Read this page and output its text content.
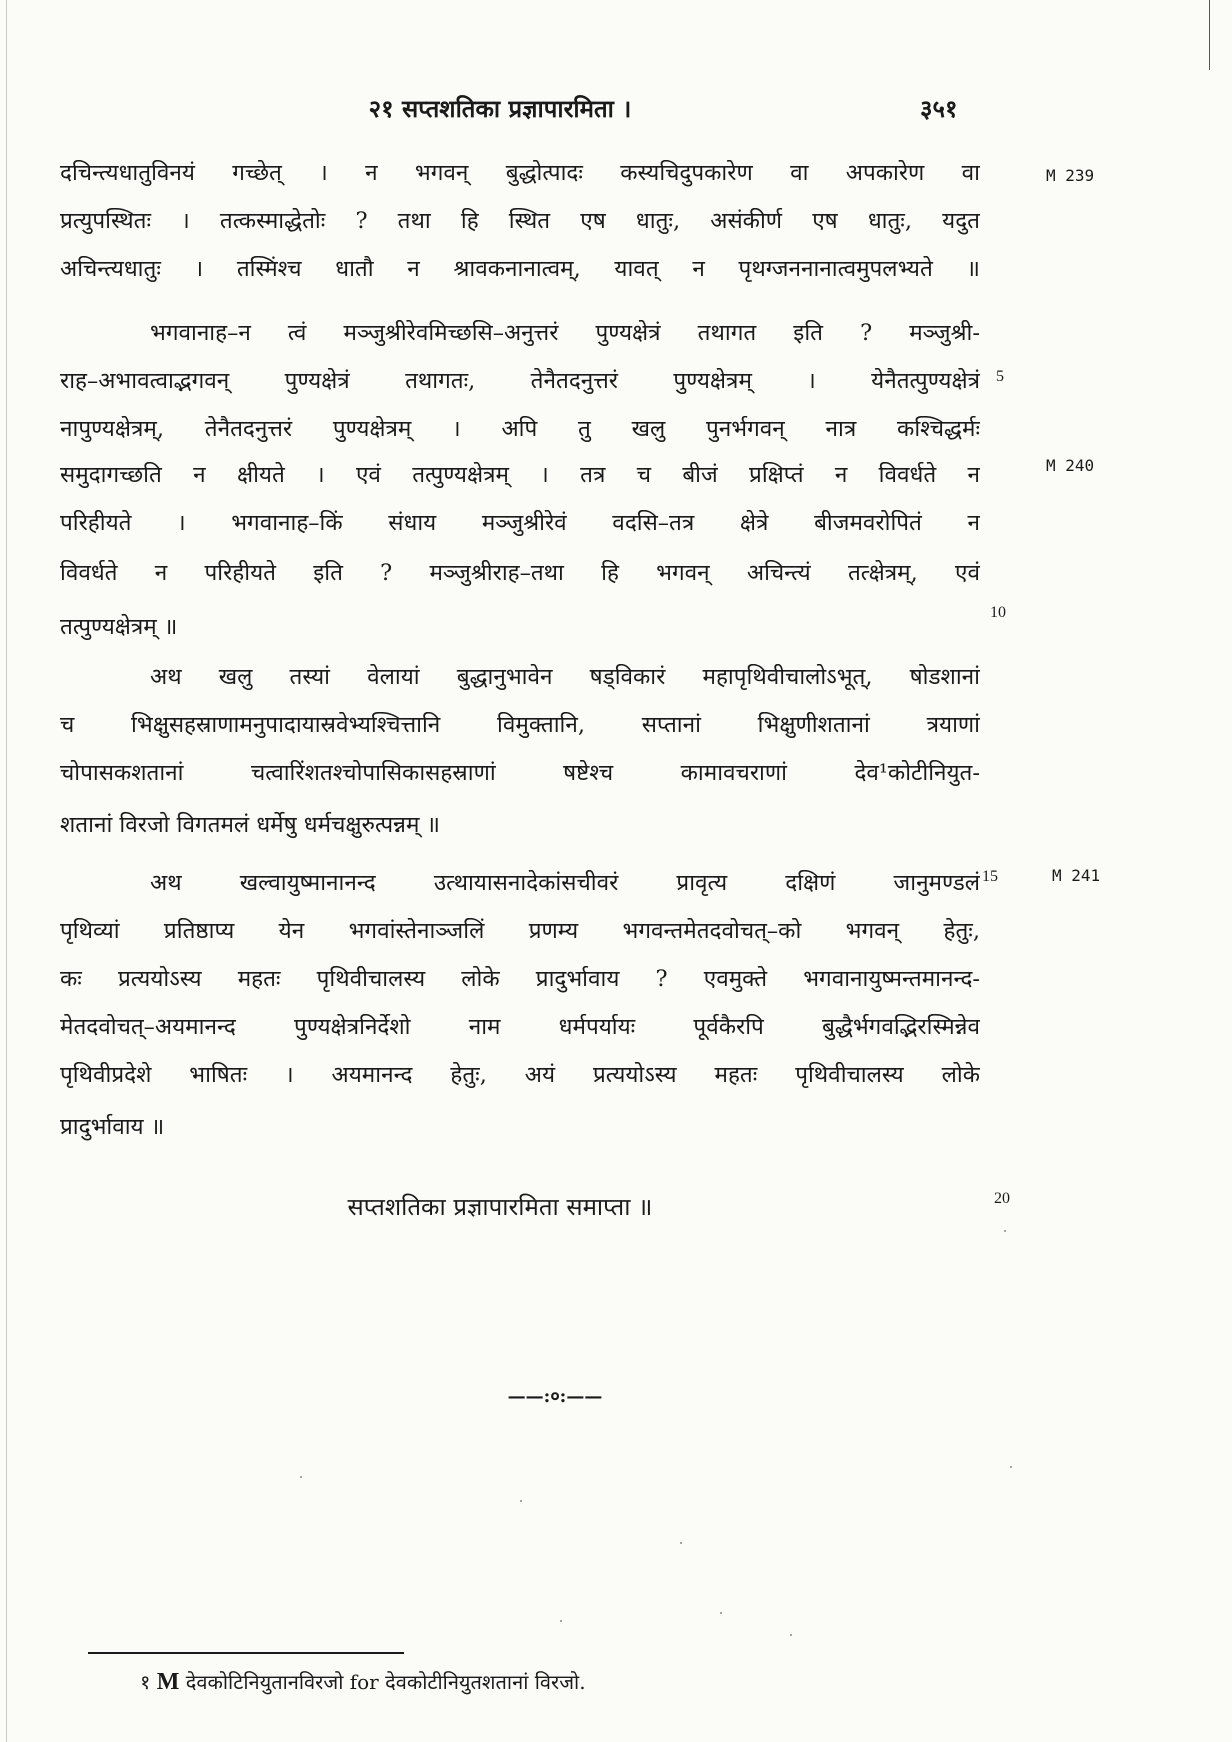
२१ सप्तशतिका प्रज्ञापारमिता ।	३५१
दचिन्त्यधातुविनयं गच्छेत् । न भगवन् बुद्धोत्पादः कस्यचिदुपकारेण वा अपकारेण वा
प्रत्युपस्थितः । तत्कस्माद्धेतोः ? तथा हि स्थित एष धातुः, असंकीर्ण एष धातुः, यदुत
अचिन्त्यधातुः । तस्मिंश्च धातौ न श्रावकनानात्वम्, यावत् न पृथग्जननानात्वमुपलभ्यते ॥
भगवानाह–न त्वं मञ्जुश्रीरेवमिच्छसि–अनुत्तरं पुण्यक्षेत्रं तथागत इति ? मञ्जुश्री-
राह–अभावत्वाद्भगवन् पुण्यक्षेत्रं तथागतः, तेनैतदनुत्तरं पुण्यक्षेत्रम् । येनैतत्पुण्यक्षेत्रं
नापुण्यक्षेत्रम्, तेनैतदनुत्तरं पुण्यक्षेत्रम् । अपि तु खलु पुनर्भगवन् नात्र कश्चिद्धर्मः
समुदागच्छति न क्षीयते । एवं तत्पुण्यक्षेत्रम् । तत्र च बीजं प्रक्षिप्तं न विवर्धते न
परिहीयते । भगवानाह–किं संधाय मञ्जुश्रीरेवं वदसि–तत्र क्षेत्रे बीजमवरोपितं न
विवर्धते न परिहीयते इति ? मञ्जुश्रीराह–तथा हि भगवन् अचिन्त्यं तत्क्षेत्रम्, एवं
तत्पुण्यक्षेत्रम् ॥
अथ खलु तस्यां वेलायां बुद्धानुभावेन षड्विकारं महापृथिवीचालोऽभूत्, षोडशानां
च भिक्षुसहस्राणामनुपादायास्रवेभ्यश्चित्तानि विमुक्तानि, सप्तानां भिक्षुणीशतानां त्रयाणां
चोपासकशतानां चत्वारिंशतश्चोपासिकासहस्राणां षष्टेश्च कामावचराणां देव¹कोटीनियुत-
शतानां विरजो विगतमलं धर्मेषु धर्मचक्षुरुत्पन्नम् ॥
अथ खल्वायुष्मानानन्द उत्थायासनादेकांसचीवरं प्रावृत्य दक्षिणं जानुमण्डलं
पृथिव्यां प्रतिष्ठाप्य येन भगवांस्तेनाञ्जलिं प्रणम्य भगवन्तमेतदवोचत्–को भगवन् हेतुः,
कः प्रत्ययोऽस्य महतः पृथिवीचालस्य लोके प्रादुर्भावाय ? एवमुक्ते भगवानायुष्मन्तमानन्द-
मेतदवोचत्–अयमानन्द पुण्यक्षेत्रनिर्देशो नाम धर्मपर्यायः पूर्वकैरपि बुद्धैर्भगवद्भिरस्मिन्नेव
पृथिवीप्रदेशे भाषितः । अयमानन्द हेतुः, अयं प्रत्ययोऽस्य महतः पृथिवीचालस्य लोके
प्रादुर्भावाय ॥
M 239
M 240
M 241
5
10
15
20
सप्तशतिका प्रज्ञापारमिता समाप्ता ॥
——:०:——
१ M देवकोटिनियुतानविरजो for देवकोटीनियुतशतानां विरजो.
